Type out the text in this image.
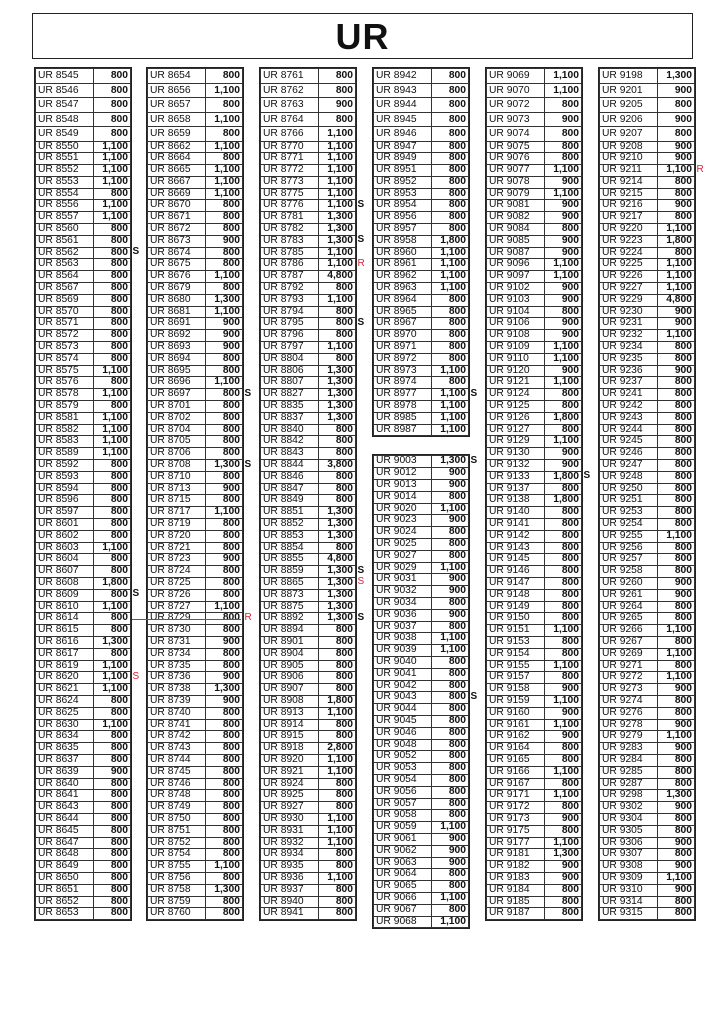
UR
UR 8545	800
UR 8546	800
UR 8547	800
UR 8548	800
UR 8549	800
UR 8550	1,100
UR 8551	1,100
UR 8552	1,100
UR 8553	1,100
UR 8554	800
UR 8556	1,100
UR 8557	1,100
UR 8560	800
UR 8561	800
UR 8562	800
UR 8563	800
UR 8564	800
UR 8567	800
UR 8569	800
UR 8570	800
UR 8571	800
UR 8572	800
UR 8573	800
UR 8574	800
UR 8575	1,100
UR 8576	800
UR 8578	1,100
UR 8579	800
UR 8581	1,100
UR 8582	1,100
UR 8583	1,100
UR 8589	1,100
UR 8592	800
UR 8593	800
UR 8594	800
UR 8596	800
UR 8597	800
UR 8601	800
UR 8602	800
UR 8603	1,100
UR 8604	800
UR 8607	800
UR 8608	1,800
UR 8609	800
UR 8610	1,100
UR 8614	800
UR 8615	800
UR 8616	1,300
UR 8617	800
UR 8619	1,100
UR 8620	1,100
UR 8621	1,100
UR 8624	800
UR 8625	800
UR 8630	1,100
UR 8634	800
UR 8635	800
UR 8637	800
UR 8639	900
UR 8640	800
UR 8641	800
UR 8643	800
UR 8644	800
UR 8645	800
UR 8647	800
UR 8648	800
UR 8649	800
UR 8650	800
UR 8651	800
UR 8652	800
UR 8653	800
UR 8654	800
UR 8656	1,100
UR 8657	800
UR 8658	1,100
UR 8659	800
UR 8662	1,100
UR 8664	800
UR 8665	1,100
UR 8667	1,100
UR 8669	1,100
UR 8670	800
UR 8671	800
UR 8672	800
UR 8673	900
UR 8674	800
UR 8675	800
UR 8676	1,100
UR 8679	800
UR 8680	1,300
UR 8681	1,100
UR 8691	900
UR 8692	900
UR 8693	900
UR 8694	800
UR 8695	800
UR 8696	1,100
UR 8697	800
UR 8701	800
UR 8702	800
UR 8704	800
UR 8705	800
UR 8706	800
UR 8708	1,300
UR 8710	800
UR 8713	900
UR 8715	800
UR 8717	1,100
UR 8719	800
UR 8720	800
UR 8721	800
UR 8723	900
UR 8724	800
UR 8725	800
UR 8726	800
UR 8727	1,100

UR 8730	800
UR 8731	900
UR 8734	800
UR 8735	800
UR 8736	900
UR 8738	1,300
UR 8739	900
UR 8740	800
UR 8741	800
UR 8742	800
UR 8743	800
UR 8744	800
UR 8745	800
UR 8746	800
UR 8748	800
UR 8749	800
UR 8750	800
UR 8751	800
UR 8752	800
UR 8754	800
UR 8755	1,100
UR 8756	800
UR 8758	1,300
UR 8759	800
UR 8760	800
UR 8761	800
UR 8762	800
UR 8763	900
UR 8764	800
UR 8766	1,100
UR 8770	1,100
UR 8771	1,100
UR 8772	1,100
UR 8773	1,100
UR 8775	1,100
UR 8776	1,100
UR 8781	1,300
UR 8782	1,300
UR 8783	1,300
UR 8785	1,100
UR 8786	1,100
UR 8787	4,800
UR 8792	800
UR 8793	1,100
UR 8794	800
UR 8795	800
UR 8796	800
UR 8797	1,100
UR 8804	800
UR 8806	1,300
UR 8807	1,300
UR 8827	1,300
UR 8835	1,300
UR 8837	1,300
UR 8840	800
UR 8842	800
UR 8843	800
UR 8844	3,800
UR 8846	800
UR 8847	800
UR 8849	800
UR 8851	1,300
UR 8852	1,300
UR 8853	1,300
UR 8854	800
UR 8855	4,800
UR 8859	1,300
UR 8865	1,300
UR 8873	1,300
UR 8875	1,300
UR 8892	1,300
UR 8894	800
UR 8901	800
UR 8904	800
UR 8905	800
UR 8906	800
UR 8907	800
UR 8908	1,800
UR 8913	1,100
UR 8914	800
UR 8915	800
UR 8918	2,800
UR 8920	1,100
UR 8921	1,100
UR 8924	800
UR 8925	800
UR 8927	800
UR 8930	1,100
UR 8931	1,100
UR 8932	1,100
UR 8934	800
UR 8935	800
UR 8936	1,100
UR 8937	800
UR 8940	800
UR 8941	800
UR 8942	800
UR 8943	800
UR 8944	800
UR 8945	800
UR 8946	800
UR 8947	800
UR 8949	800
UR 8951	800
UR 8952	800
UR 8953	800
UR 8954	800
UR 8956	800
UR 8957	800
UR 8958	1,800
UR 8960	1,100
UR 8961	1,100
UR 8962	1,100
UR 8963	1,100
UR 8964	800
UR 8965	800
UR 8967	800
UR 8970	800
UR 8971	800
UR 8972	800
UR 8973	1,100
UR 8974	800
UR 8977	1,100
UR 8978	1,100
UR 8985	1,100
UR 8987	1,100
UR 9003	1,300
UR 9012	900
UR 9013	900
UR 9014	800
UR 9020	1,100
UR 9023	900
UR 9024	800
UR 9025	800
UR 9027	800
UR 9029	1,100
UR 9031	900
UR 9032	900
UR 9034	800
UR 9036	900
UR 9037	800
UR 9038	1,100
UR 9039	1,100
UR 9040	800
UR 9041	800
UR 9042	800
UR 9043	800
UR 9044	800
UR 9045	800
UR 9046	800
UR 9048	800
UR 9052	800
UR 9053	800
UR 9054	800
UR 9056	800
UR 9057	800
UR 9058	800
UR 9059	1,100
UR 9061	900
UR 9062	900
UR 9063	900
UR 9064	800
UR 9065	800
UR 9066	1,100
UR 9067	800
UR 9068	1,100
UR 9069	1,100
UR 9070	1,100
UR 9072	800
UR 9073	900
UR 9074	800
UR 9075	800
UR 9076	800
UR 9077	1,100
UR 9078	900
UR 9079	1,100
UR 9081	900
UR 9082	900
UR 9084	800
UR 9085	900
UR 9087	900
UR 9096	1,100
UR 9097	1,100
UR 9102	900
UR 9103	900
UR 9104	800
UR 9106	900
UR 9108	900
UR 9109	1,100
UR 9110	1,100
UR 9120	900
UR 9121	1,100
UR 9124	800
UR 9125	800
UR 9126	1,800
UR 9127	800
UR 9129	1,100
UR 9130	900
UR 9132	900
UR 9133	1,800
UR 9137	800
UR 9138	1,800
UR 9140	800
UR 9141	800
UR 9142	800
UR 9143	800
UR 9145	800
UR 9146	800
UR 9147	800
UR 9148	800
UR 9149	800
UR 9150	800
UR 9151	1,100
UR 9153	800
UR 9154	800
UR 9155	1,100
UR 9157	800
UR 9158	900
UR 9159	1,100
UR 9160	900
UR 9161	1,100
UR 9162	900
UR 9164	800
UR 9165	800
UR 9166	1,100
UR 9167	800
UR 9171	1,100
UR 9172	800
UR 9173	900
UR 9175	800
UR 9177	1,100
UR 9181	1,300
UR 9182	900
UR 9183	900
UR 9184	800
UR 9185	800
UR 9187	800
UR 9198	1,300
UR 9201	900
UR 9205	800
UR 9206	900
UR 9207	800
UR 9208	900
UR 9210	900
UR 9211	1,100
UR 9214	800
UR 9215	800
UR 9216	900
UR 9217	800
UR 9220	1,100
UR 9223	1,800
UR 9224	800
UR 9225	1,100
UR 9226	1,100
UR 9227	1,100
UR 9229	4,800
UR 9230	900
UR 9231	900
UR 9232	1,100
UR 9234	800
UR 9235	800
UR 9236	900
UR 9237	800
UR 9241	800
UR 9242	800
UR 9243	800
UR 9244	800
UR 9245	800
UR 9246	800
UR 9247	800
UR 9248	800
UR 9250	800
UR 9251	800
UR 9253	800
UR 9254	800
UR 9255	1,100
UR 9256	800
UR 9257	800
UR 9258	800
UR 9260	900
UR 9261	900
UR 9264	800
UR 9265	800
UR 9266	1,100
UR 9267	800
UR 9269	1,100
UR 9271	800
UR 9272	1,100
UR 9273	900
UR 9274	800
UR 9276	800
UR 9278	900
UR 9279	1,100
UR 9283	900
UR 9284	800
UR 9285	800
UR 9287	800
UR 9298	1,300
UR 9302	900
UR 9304	800
UR 9305	800
UR 9306	900
UR 9307	800
UR 9308	900
UR 9309	1,100
UR 9310	900
UR 9314	800
UR 9315	800
S
S
S
S
S
R
S
S
R
S
S
S
S
S
S
S
S
R
